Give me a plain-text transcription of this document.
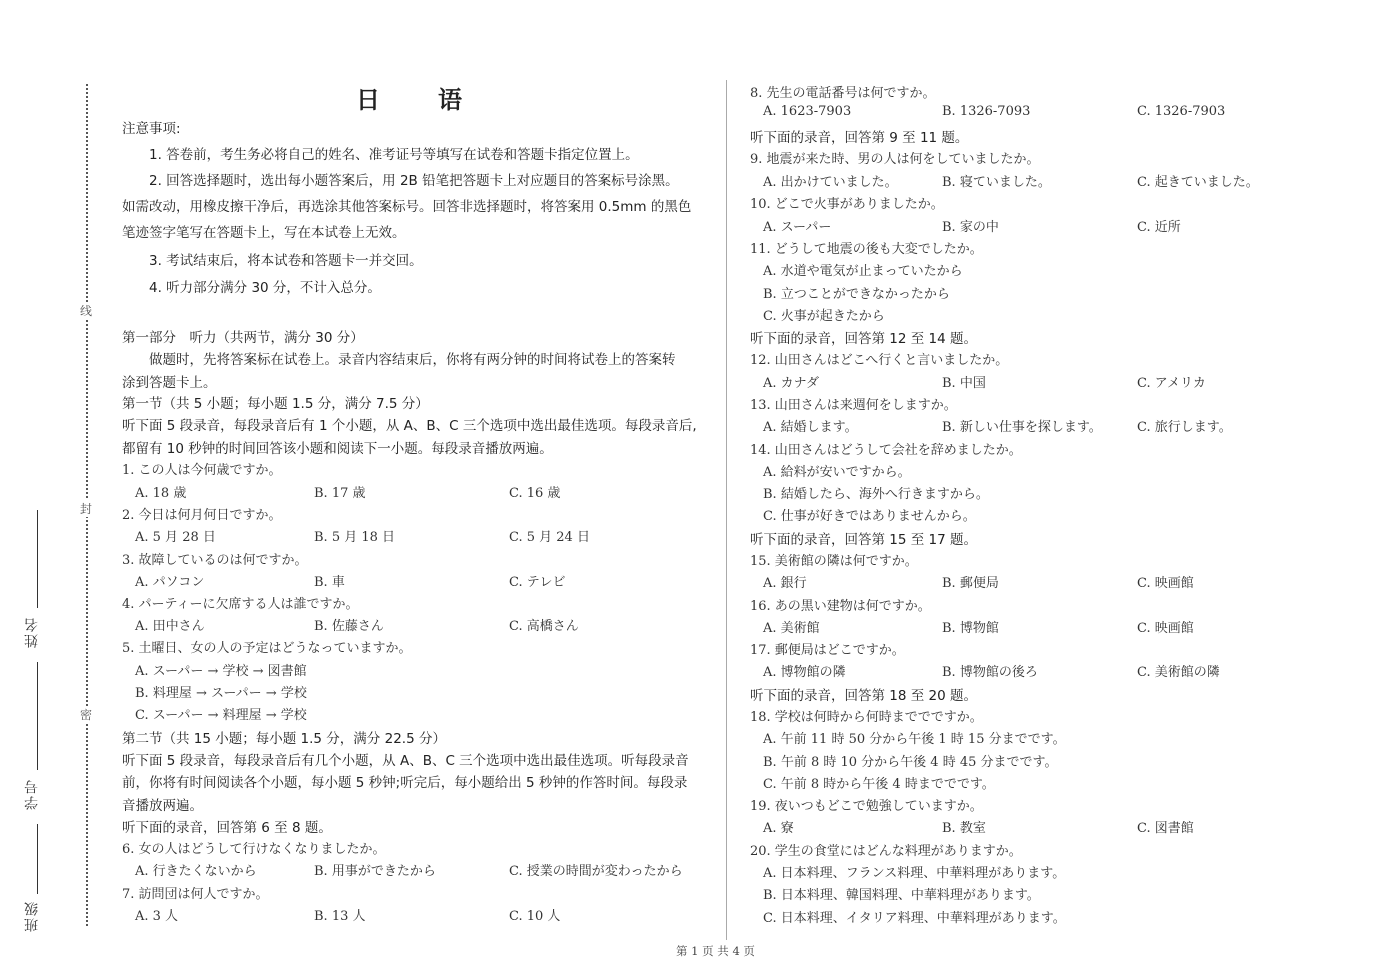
线
封
密
姓名
学号
班级
日语
注意事项:
1. 答卷前，考生务必将自己的姓名、准考证号等填写在试卷和答题卡指定位置上。
2. 回答选择题时，选出每小题答案后，用 2B 铅笔把答题卡上对应题目的答案标号涂黑。
如需改动，用橡皮擦干净后，再选涂其他答案标号。回答非选择题时，将答案用 0.5mm 的黑色
笔迹签字笔写在答题卡上，写在本试卷上无效。
3. 考试结束后，将本试卷和答题卡一并交回。
4. 听力部分满分 30 分，不计入总分。
第一部分　听力（共两节，满分 30 分）
做题时，先将答案标在试卷上。录音内容结束后，你将有两分钟的时间将试卷上的答案转
涂到答题卡上。
第一节（共 5 小题；每小题 1.5 分，满分 7.5 分）
听下面 5 段录音，每段录音后有 1 个小题，从 A、B、C 三个选项中选出最佳选项。每段录音后,
都留有 10 秒钟的时间回答该小题和阅读下一小题。每段录音播放两遍。
1. この人は今何歳ですか。
A. 18 歳	B. 17 歳	C. 16 歳
2. 今日は何月何日ですか。
A. 5 月 28 日	B. 5 月 18 日	C. 5 月 24 日
3. 故障しているのは何ですか。
A. パソコン	B. 車	C. テレビ
4. パーティーに欠席する人は誰ですか。
A. 田中さん	B. 佐藤さん	C. 高橋さん
5. 土曜日、女の人の予定はどうなっていますか。
A. スーパー → 学校 → 図書館
B. 料理屋 → スーパー → 学校
C. スーパー → 料理屋 → 学校
第二节（共 15 小题；每小题 1.5 分，满分 22.5 分）
听下面 5 段录音，每段录音后有几个小题，从 A、B、C 三个选项中选出最佳选项。听每段录音
前，你将有时间阅读各个小题，每小题 5 秒钟;听完后，每小题给出 5 秒钟的作答时间。每段录
音播放两遍。
听下面的录音，回答第 6 至 8 题。
6. 女の人はどうして行けなくなりましたか。
A. 行きたくないから	B. 用事ができたから	C. 授業の時間が変わったから
7. 訪問団は何人ですか。
A. 3 人	B. 13 人	C. 10 人
8. 先生の電話番号は何ですか。
A. 1623-7903	B. 1326-7093	C. 1326-7903
听下面的录音，回答第 9 至 11 题。
9. 地震が来た時、男の人は何をしていましたか。
A. 出かけていました。	B. 寝ていました。	C. 起きていました。
10. どこで火事がありましたか。
A. スーパー	B. 家の中	C. 近所
11. どうして地震の後も大変でしたか。
A. 水道や電気が止まっていたから
B. 立つことができなかったから
C. 火事が起きたから
听下面的录音，回答第 12 至 14 题。
12. 山田さんはどこへ行くと言いましたか。
A. カナダ	B. 中国	C. アメリカ
13. 山田さんは来週何をしますか。
A. 結婚します。	B. 新しい仕事を探します。	C. 旅行します。
14. 山田さんはどうして会社を辞めましたか。
A. 給料が安いですから。
B. 結婚したら、海外へ行きますから。
C. 仕事が好きではありませんから。
听下面的录音，回答第 15 至 17 题。
15. 美術館の隣は何ですか。
A. 銀行	B. 郵便局	C. 映画館
16. あの黒い建物は何ですか。
A. 美術館	B. 博物館	C. 映画館
17. 郵便局はどこですか。
A. 博物館の隣	B. 博物館の後ろ	C. 美術館の隣
听下面的录音，回答第 18 至 20 题。
18. 学校は何時から何時まででですか。
A. 午前 11 時 50 分から午後 1 時 15 分までです。
B. 午前 8 時 10 分から午後 4 時 45 分までです。
C. 午前 8 時から午後 4 時まででです。
19. 夜いつもどこで勉強していますか。
A. 寮	B. 教室	C. 図書館
20. 学生の食堂にはどんな料理がありますか。
A. 日本料理、フランス料理、中華料理があります。
B. 日本料理、韓国料理、中華料理があります。
C. 日本料理、イタリア料理、中華料理があります。
第 1 页 共 4 页
